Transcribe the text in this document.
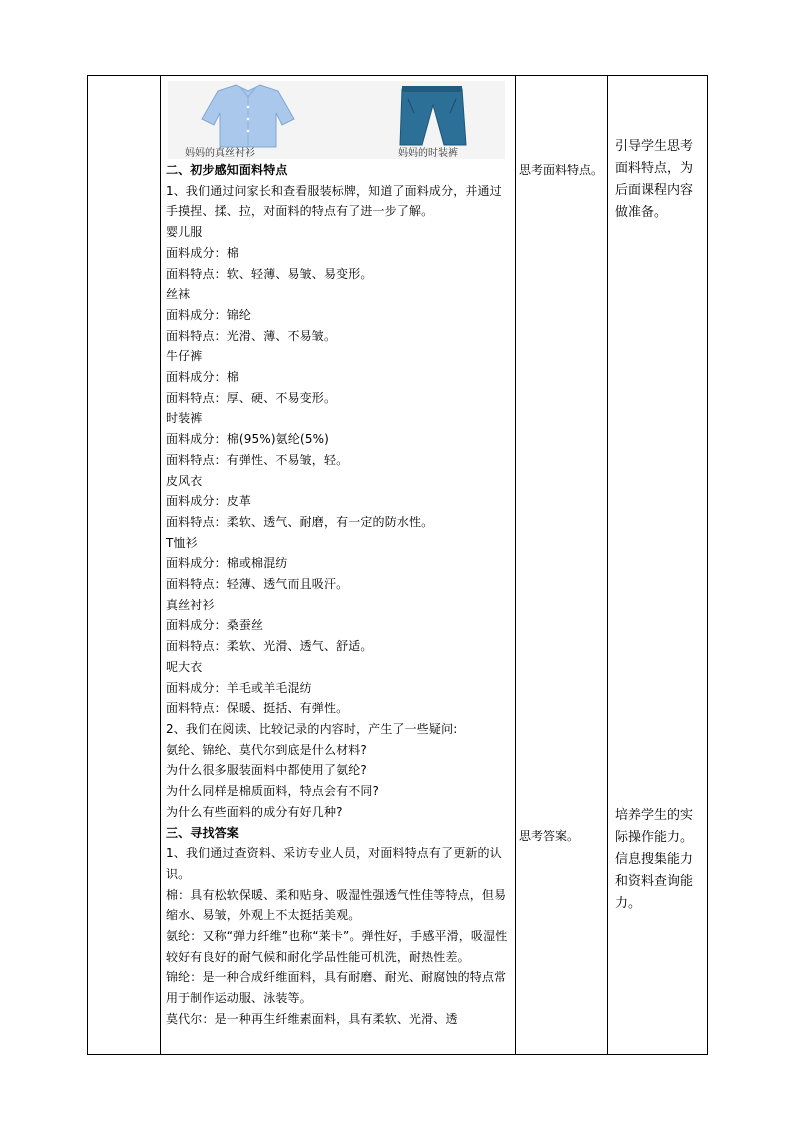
妈妈的真丝衬衫	妈妈的时装裤

二、初步感知面料特点

1、我们通过问家长和查看服装标牌，知道了面料成分，并通过手摸捏、揉、拉，对面料的特点有了进一步了解。

婴儿服

面料成分：棉

面料特点：软、轻薄、易皱、易变形。

丝袜

面料成分：锦纶

面料特点：光滑、薄、不易皱。

牛仔裤

面料成分：棉

面料特点：厚、硬、不易变形。

时装裤

面料成分：棉(95%)氨纶(5%)

面料特点：有弹性、不易皱，轻。

皮风衣

面料成分：皮革

面料特点：柔软、透气、耐磨，有一定的防水性。

T恤衫

面料成分：棉或棉混纺

面料特点：轻薄、透气而且吸汗。

真丝衬衫

面料成分：桑蚕丝

面料特点：柔软、光滑、透气、舒适。

呢大衣

面料成分：羊毛或羊毛混纺

面料特点：保暖、挺括、有弹性。

2、我们在阅读、比较记录的内容时，产生了一些疑问:

氨纶、锦纶、莫代尔到底是什么材料?

为什么很多服装面料中都使用了氨纶?

为什么同样是棉质面料，特点会有不同?

为什么有些面料的成分有好几种?

三、寻找答案

1、我们通过查资料、采访专业人员，对面料特点有了更新的认识。

棉：具有松软保暖、柔和贴身、吸湿性强透气性佳等特点，但易缩水、易皱，外观上不太挺括美观。

氨纶：又称“弹力纤维”也称“莱卡”。弹性好，手感平滑，吸湿性较好有良好的耐气候和耐化学品性能可机洗，耐热性差。

锦纶：是一种合成纤维面料，具有耐磨、耐光、耐腐蚀的特点常用于制作运动服、泳装等。

莫代尔：是一种再生纤维素面料，具有柔软、光滑、透

思考面料特点。
思考答案。
引导学生思考面料特点，为后面课程内容做准备。
培养学生的实际操作能力。信息搜集能力和资料查询能力。
